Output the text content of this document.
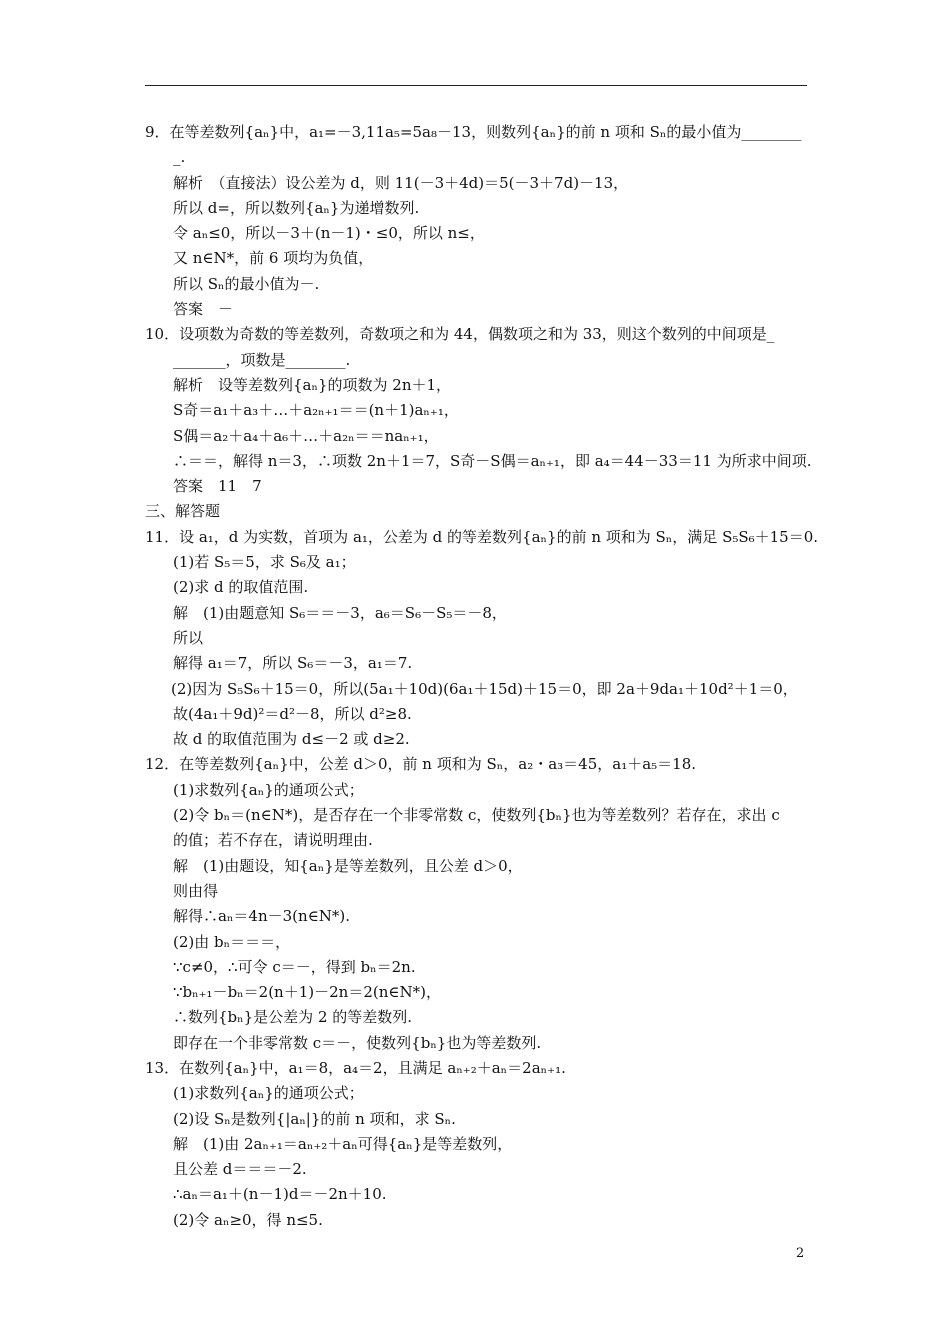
9．在等差数列{aₙ}中，a₁=－3,11a₅=5a₈－13，则数列{aₙ}的前 n 项和 Sₙ的最小值为________
_.
解析　（直接法）设公差为 d，则 11(－3＋4d)＝5(－3＋7d)－13，
所以 d=，所以数列{aₙ}为递增数列.
令 aₙ≤0，所以－3＋(n－1)・≤0，所以 n≤，
又 n∈N*，前 6 项均为负值，
所以 Sₙ的最小值为－.
答案　－
10．设项数为奇数的等差数列，奇数项之和为 44，偶数项之和为 33，则这个数列的中间项是_
_______，项数是________.
解析　设等差数列{aₙ}的项数为 2n＋1，
S奇＝a₁＋a₃＋…＋a₂ₙ₊₁＝＝(n＋1)aₙ₊₁，
S偶＝a₂＋a₄＋a₆＋…＋a₂ₙ＝＝naₙ₊₁，
∴＝＝，解得 n＝3，∴项数 2n＋1＝7，S奇－S偶＝aₙ₊₁，即 a₄＝44－33＝11 为所求中间项.
答案　11　7
三、解答题
11．设 a₁，d 为实数，首项为 a₁，公差为 d 的等差数列{aₙ}的前 n 项和为 Sₙ，满足 S₅S₆＋15＝0.
(1)若 S₅＝5，求 S₆及 a₁；
(2)求 d 的取值范围.
解　(1)由题意知 S₆＝＝－3，a₆＝S₆－S₅＝－8，
所以
解得 a₁＝7，所以 S₆＝－3，a₁＝7.
(2)因为 S₅S₆＋15＝0，所以(5a₁＋10d)(6a₁＋15d)＋15＝0，即 2a＋9da₁＋10d²＋1＝0，
故(4a₁＋9d)²＝d²－8，所以 d²≥8.
故 d 的取值范围为 d≤－2 或 d≥2.
12．在等差数列{aₙ}中，公差 d＞0，前 n 项和为 Sₙ，a₂・a₃＝45，a₁＋a₅＝18.
(1)求数列{aₙ}的通项公式；
(2)令 bₙ＝(n∈N*)，是否存在一个非零常数 c，使数列{bₙ}也为等差数列？若存在，求出 c
的值；若不存在，请说明理由.
解　(1)由题设，知{aₙ}是等差数列，且公差 d＞0，
则由得
解得∴aₙ＝4n－3(n∈N*).
(2)由 bₙ＝＝＝，
∵c≠0，∴可令 c＝－，得到 bₙ＝2n.
∵bₙ₊₁－bₙ＝2(n＋1)－2n＝2(n∈N*)，
∴数列{bₙ}是公差为 2 的等差数列.
即存在一个非零常数 c＝－，使数列{bₙ}也为等差数列.
13．在数列{aₙ}中，a₁＝8，a₄＝2，且满足 aₙ₊₂＋aₙ＝2aₙ₊₁.
(1)求数列{aₙ}的通项公式；
(2)设 Sₙ是数列{|aₙ|}的前 n 项和，求 Sₙ.
解　(1)由 2aₙ₊₁＝aₙ₊₂＋aₙ可得{aₙ}是等差数列，
且公差 d＝＝＝－2.
∴aₙ＝a₁＋(n－1)d＝－2n＋10.
(2)令 aₙ≥0，得 n≤5.
2
